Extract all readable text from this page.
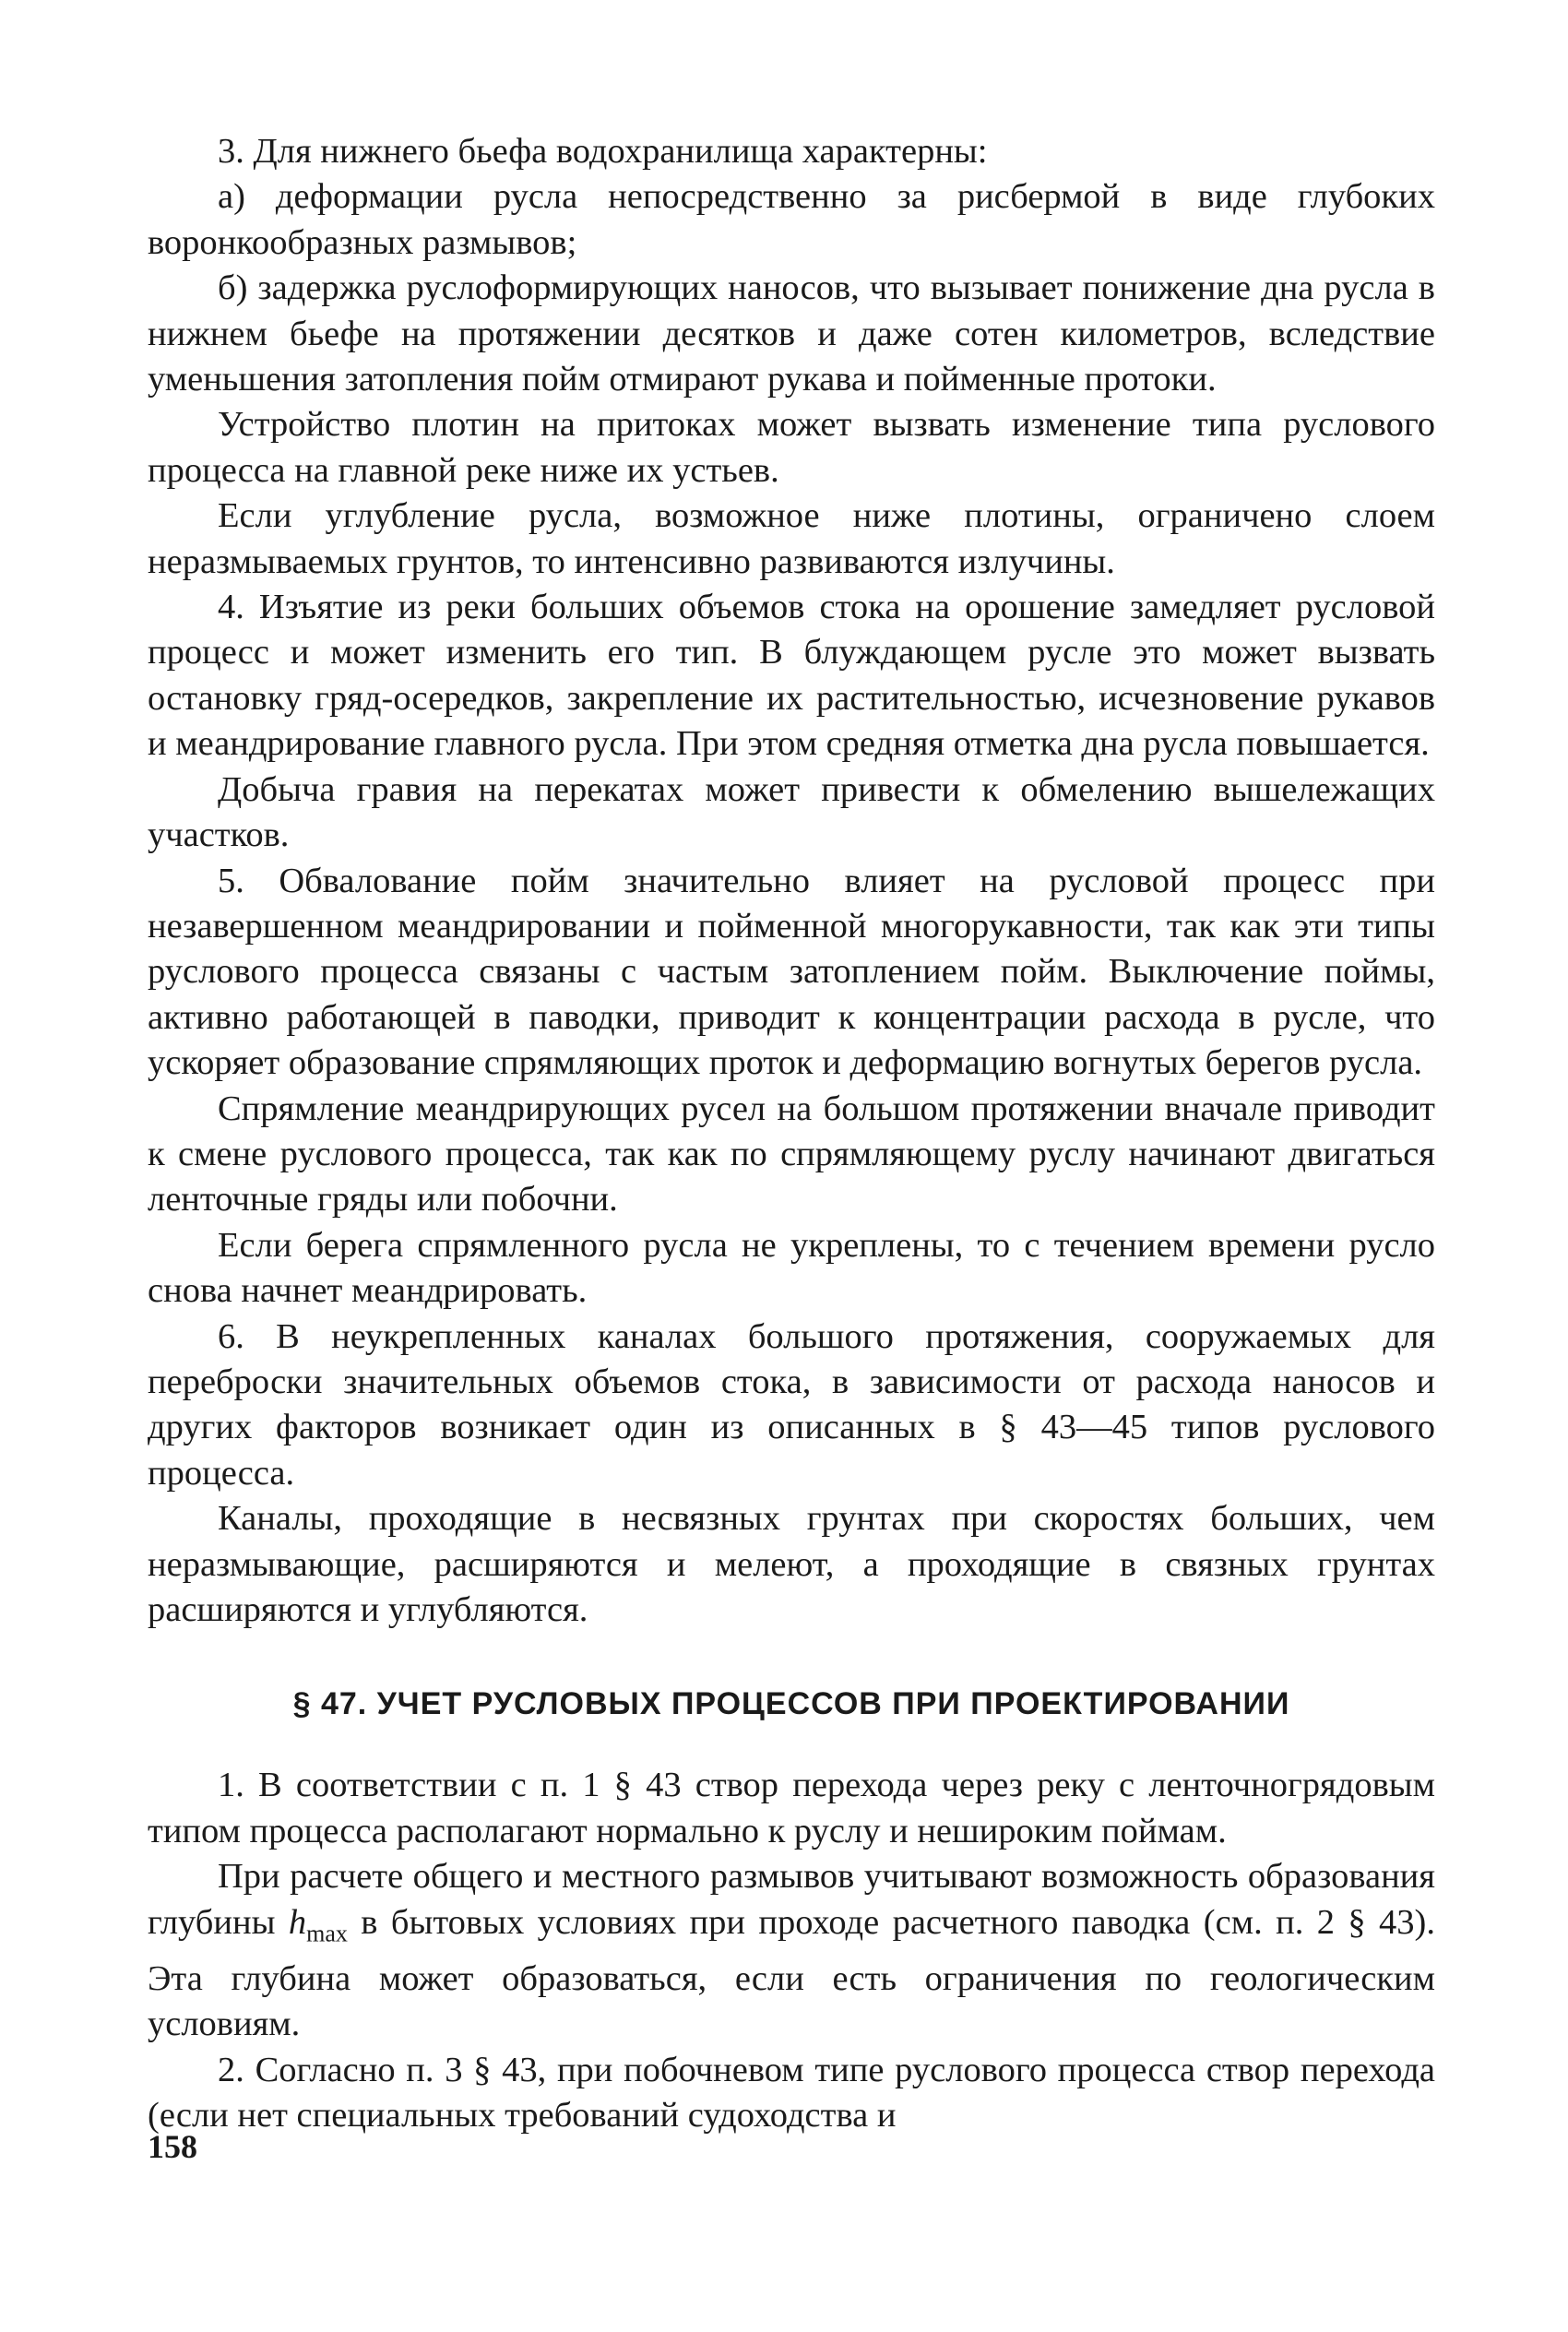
3. Для нижнего бьефа водохранилища характерны:

а) деформации русла непосредственно за рисбермой в виде глубоких воронкообразных размывов;

б) задержка руслоформирующих наносов, что вызывает понижение дна русла в нижнем бьефе на протяжении десятков и даже сотен километров, вследствие уменьшения затопления пойм отмирают рукава и пойменные протоки.

Устройство плотин на притоках может вызвать изменение типа руслового процесса на главной реке ниже их устьев.

Если углубление русла, возможное ниже плотины, ограничено слоем неразмываемых грунтов, то интенсивно развиваются излучины.

4. Изъятие из реки больших объемов стока на орошение замедляет русловой процесс и может изменить его тип. В блуждающем русле это может вызвать остановку гряд-осередков, закрепление их растительностью, исчезновение рукавов и меандрирование главного русла. При этом средняя отметка дна русла повышается.

Добыча гравия на перекатах может привести к обмелению вышележащих участков.

5. Обвалование пойм значительно влияет на русловой процесс при незавершенном меандрировании и пойменной многорукавности, так как эти типы руслового процесса связаны с частым затоплением пойм. Выключение поймы, активно работающей в паводки, приводит к концентрации расхода в русле, что ускоряет образование спрямляющих проток и деформацию вогнутых берегов русла.

Спрямление меандрирующих русел на большом протяжении вначале приводит к смене руслового процесса, так как по спрямляющему руслу начинают двигаться ленточные гряды или побочни.

Если берега спрямленного русла не укреплены, то с течением времени русло снова начнет меандрировать.

6. В неукрепленных каналах большого протяжения, сооружаемых для переброски значительных объемов стока, в зависимости от расхода наносов и других факторов возникает один из описанных в § 43—45 типов руслового процесса.

Каналы, проходящие в несвязных грунтах при скоростях больших, чем неразмывающие, расширяются и мелеют, а проходящие в связных грунтах расширяются и углубляются.

§ 47. УЧЕТ РУСЛОВЫХ ПРОЦЕССОВ ПРИ ПРОЕКТИРОВАНИИ

1. В соответствии с п. 1 § 43 створ перехода через реку с ленточногрядовым типом процесса располагают нормально к руслу и нешироким поймам.

При расчете общего и местного размывов учитывают возможность образования глубины $h_{max}$ в бытовых условиях при проходе расчетного паводка (см. п. 2 § 43). Эта глубина может образоваться, если есть ограничения по геологическим условиям.

2. Согласно п. 3 § 43, при побочневом типе руслового процесса створ перехода (если нет специальных требований судоходства и

158
